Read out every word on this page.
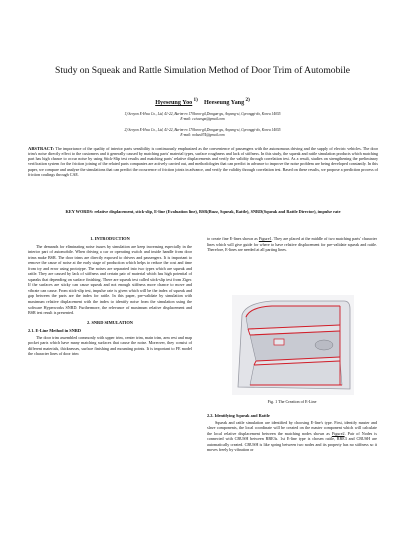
Study on Squeak and Rattle Simulation Method of Door Trim of Automobile
Hyeseung Yoo $^{1)}$ Heeseung Yang $^{2)}$
1) Seoyon E-Hwa Co., Ltd, 41-22, Burim-ro 170beon-gil,Dongan-gu, Anyang-si, Gyeonggi-do, Korea 14055
E-mail: ccisoesga@gmail.com
2) Seoyon E-Hwa Co., Ltd, 41-22, Burim-ro 170beon-gil,Dongan-gu, Anyang-si, Gyeonggi-do, Korea 14055
E-mail: nobus074@gmail.com
ABSTRACT: The importance of the quality of interior parts sensibility is continuously emphasized as the convenience of passengers with the autonomous driving and the supply of electric vehicles. The door trim's noise directly effect to the customers and it generally caused by matching parts' material types, surface roughness and lack of stiffness. In this study, the squeak and rattle simulation products which matching part has high chance to occur noise by using Stick-Slip test results and matching parts' relative displacements and verify the validity through correlation test. As a result, studies on strengthening the preliminary verification system for the friction joining of the related parts companies are actively carried out, and methodologies that can predict in advance to improve the noise problem are being developed constantly. In this paper, we compare and analyze the simulations that can predict the occurrence of friction joints in advance, and verify the validity through correlation test. Based on these results, we propose a prediction process of friction coulings through CAE.
KEY WORDS: relative displacement, stick-slip, E-line (Evaluation line), BSR(Buzz, Squeak, Rattle), SNRD(Squeak and Rattle Director), impulse rate
1. INTRODUCTION

The demands for eliminating noise issues by simulation are keep increasing especially in the interior part of automobile. When driving a car or operating switch and inside handle from door trims make BSR. The door trims are directly exposed to drivers and passengers. It is important to remove the cause of noise at the early stage of production which helps to reduce the cost and time from try and error using prototype. The noises are separated into two types which are squeak and rattle. They are caused by lack of stiffness and certain pair of material which has high potential of squeaks that depending on surface finishing. There are squeak test called stick-slip test from Ziger. If the surfaces are sticky can cause squeak and not enough stiffness more chance to move and vibrate can cause. From stick-slip test, impulse rate is given which will be the index of squeak and gap between the parts are the index for rattle. In this paper, pre-validate by simulation with maximum relative displacement with the index to identify noise from the simulation using the software Hyperworks SNRD. Furthermore, the relevance of maximum relative displacement and BSR test result is presented.

2. SNRD SIMULATION
2.1. E-Line Method in SNRD

The door trim assembled commonly with upper trim, center trim, main trim, arm rest and map pocket parts which have many matching surfaces that cause the noise. Moreover, they consist of different materials, thicknesses, surface finishing and mounting points. It is important to FE model the character lines of door trim

to create fine E-lines shown as Figure1. They are placed at the middle of two matching parts' character lines which will give guide for where to have relative displacement for pre-validate squeak and rattle. Therefore, E-lines are needed at all parting lines.
Fig. 1 The Creation of E-Line
2.2. Identifying Squeak and Rattle

Squeak and rattle simulation are identified by choosing E-line's type. First, identify master and slave components, the local coordinate will be created on the master component which will calculate the local relative displacement between the matching nodes shown as Figure2. Pair of Nodes is connected with CBUSH between RBE3s. 1st E-line type is chosen rattle, RBE3 and CBUSH are automatically created. CBUSH is like spring between two nodes and its property has no stiffness so it moves freely by vibration or
